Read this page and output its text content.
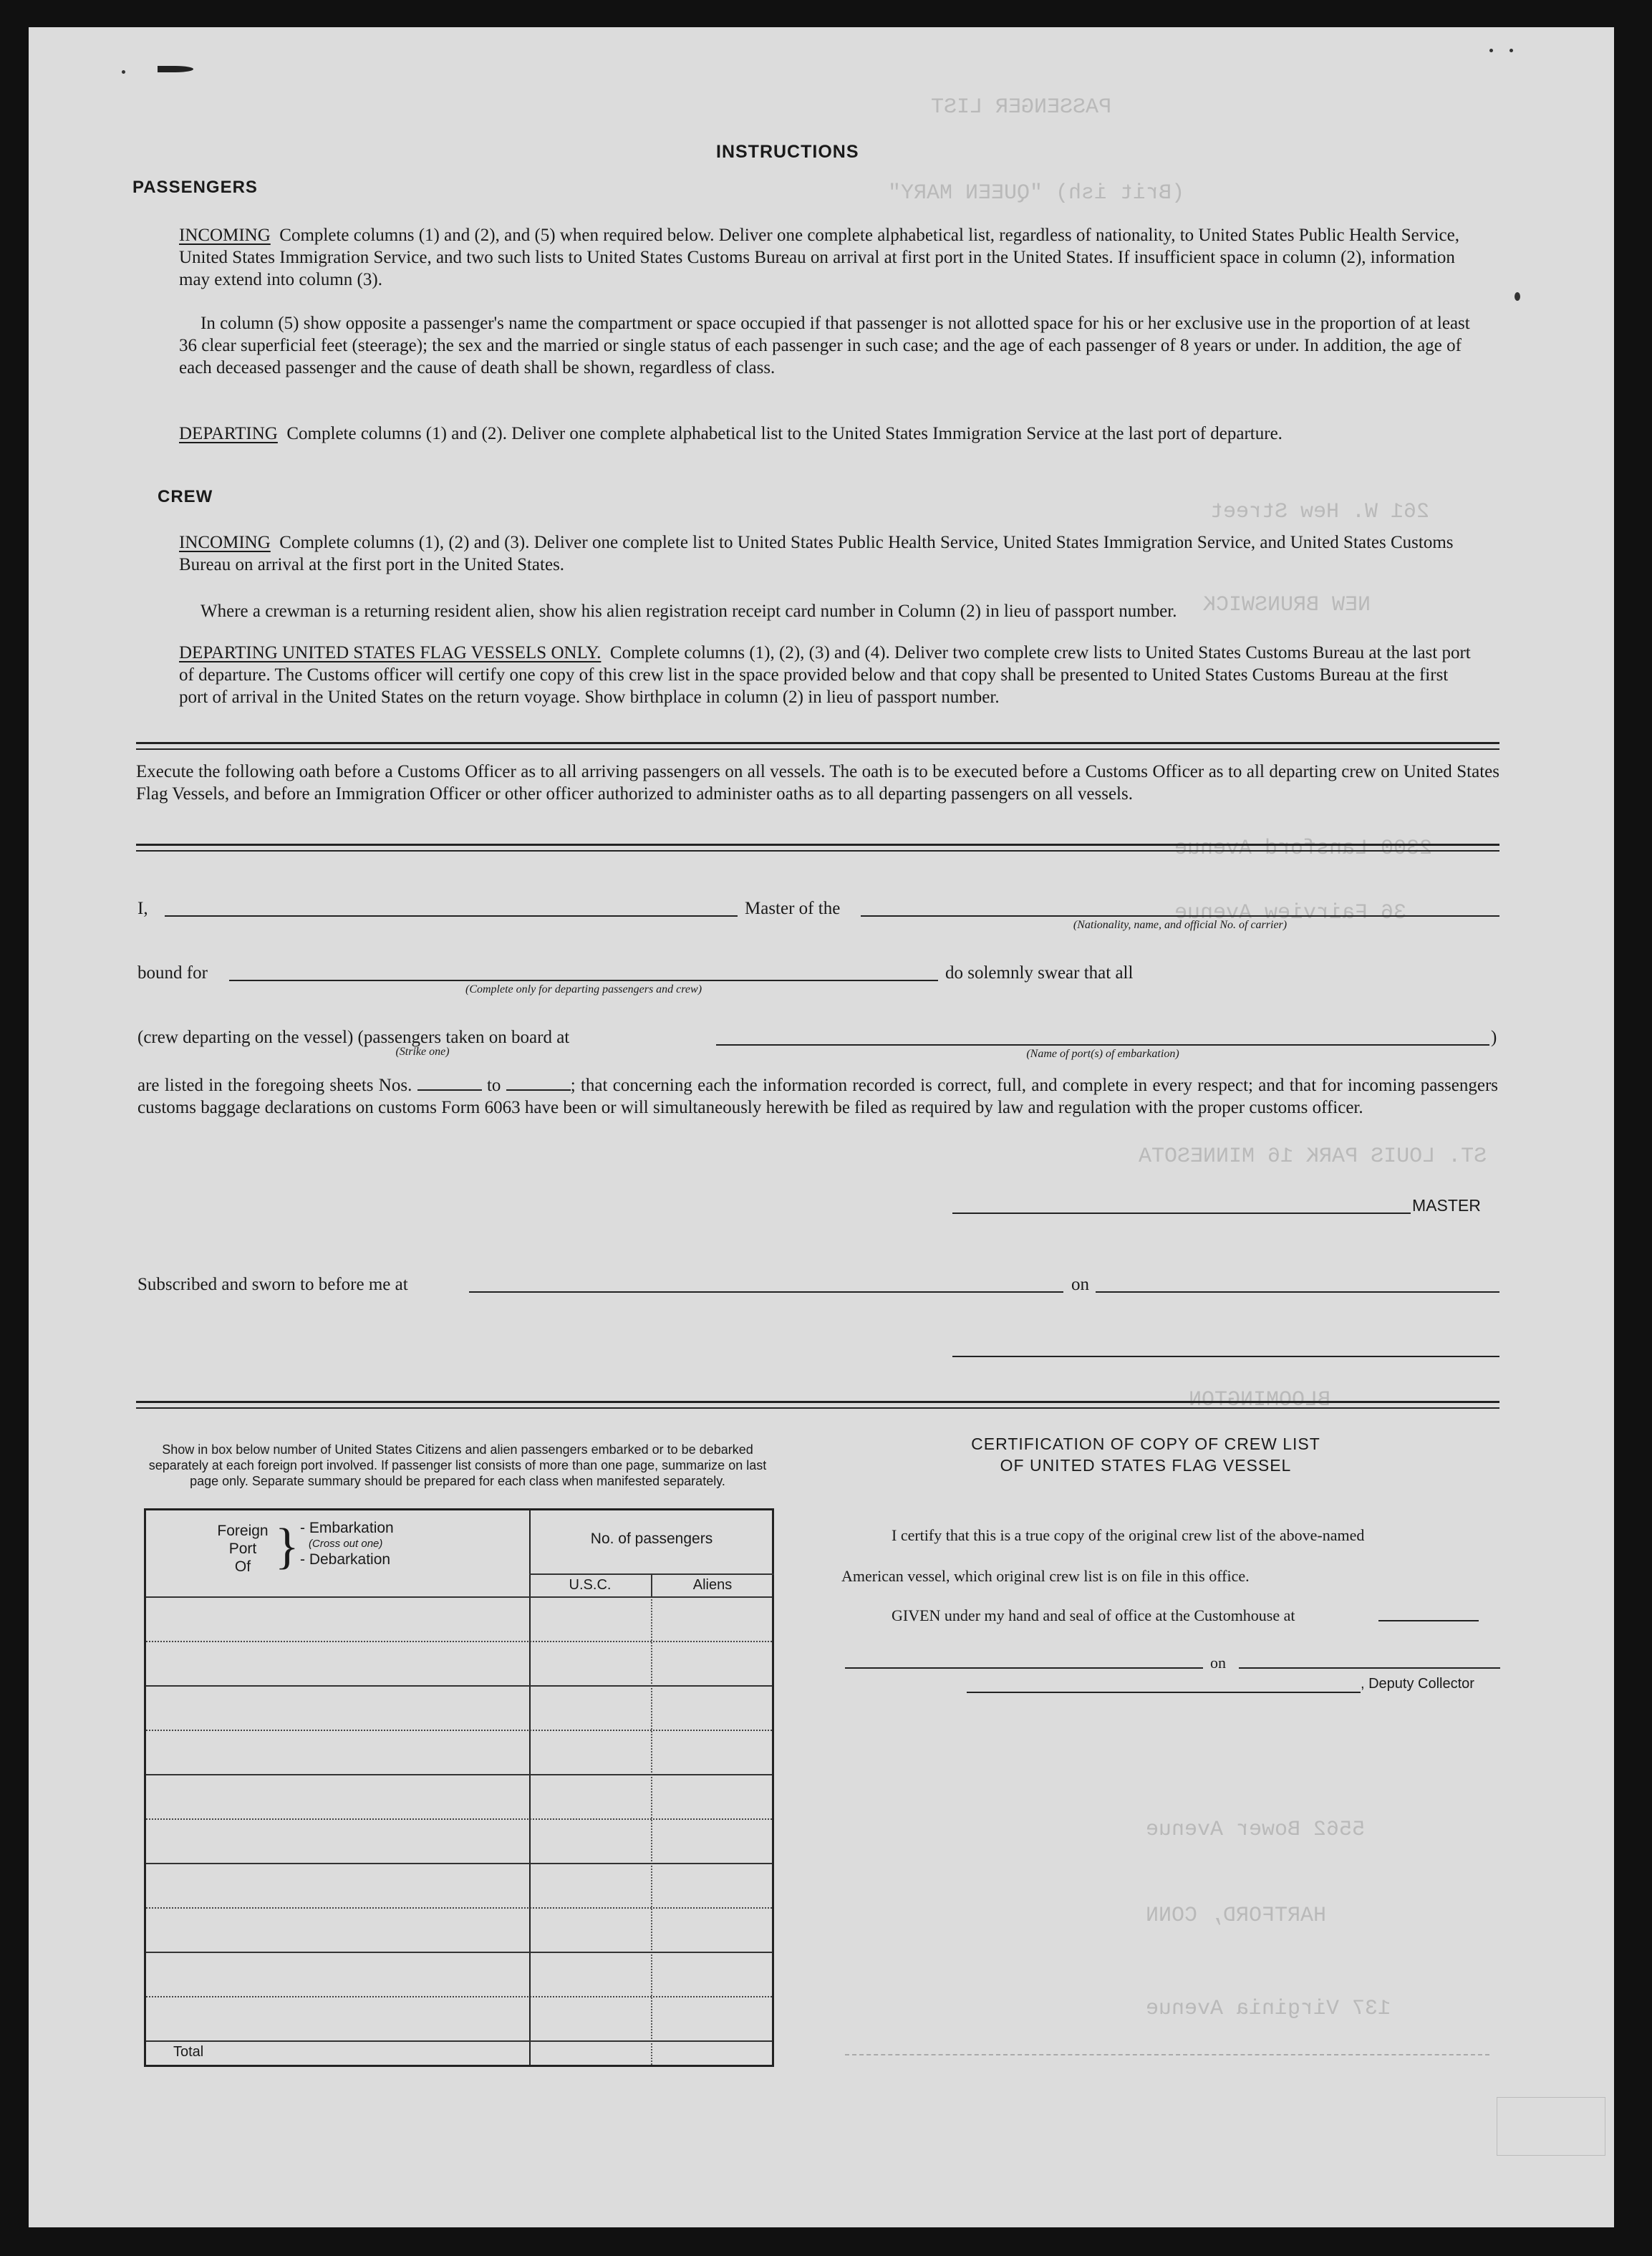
PASSENGER LIST
(Brit ish) "QUEEN MARY"
261 W. Hew Street
NEW BRUNSWICK
2300 Lansford Avenue
36 Fairview Avenue
ST. LOUIS PARK 16 MINNESOTA
BLOOMINGTON
5562 Bower Avenue
HARTFORD, CONN
137 Virginia Avenue
INSTRUCTIONS
PASSENGERS
INCOMING Complete columns (1) and (2), and (5) when required below. Deliver one complete alphabetical list, regardless of nationality, to United States Public Health Service, United States Immigration Service, and two such lists to United States Customs Bureau on arrival at first port in the United States. If insufficient space in column (2), information may extend into column (3).
In column (5) show opposite a passenger's name the compartment or space occupied if that passenger is not allotted space for his or her exclusive use in the proportion of at least 36 clear superficial feet (steerage); the sex and the married or single status of each passenger in such case; and the age of each passenger of 8 years or under. In addition, the age of each deceased passenger and the cause of death shall be shown, regardless of class.
DEPARTING Complete columns (1) and (2). Deliver one complete alphabetical list to the United States Immigration Service at the last port of departure.
CREW
INCOMING Complete columns (1), (2) and (3). Deliver one complete list to United States Public Health Service, United States Immigration Service, and United States Customs Bureau on arrival at the first port in the United States.
Where a crewman is a returning resident alien, show his alien registration receipt card number in Column (2) in lieu of passport number.
DEPARTING UNITED STATES FLAG VESSELS ONLY. Complete columns (1), (2), (3) and (4). Deliver two complete crew lists to United States Customs Bureau at the last port of departure. The Customs officer will certify one copy of this crew list in the space provided below and that copy shall be presented to United States Customs Bureau at the first port of arrival in the United States on the return voyage. Show birthplace in column (2) in lieu of passport number.
Execute the following oath before a Customs Officer as to all arriving passengers on all vessels. The oath is to be executed before a Customs Officer as to all departing crew on United States Flag Vessels, and before an Immigration Officer or other officer authorized to administer oaths as to all departing passengers on all vessels.
I,	Master of the
(Nationality, name, and official No. of carrier)
bound for
(Complete only for departing passengers and crew)
do solemnly swear that all
(crew departing on the vessel) (passengers taken on board at
(Strike one)
)
(Name of port(s) of embarkation)
are listed in the foregoing sheets Nos.	to	; that concerning each the information recorded is correct, full, and complete in every respect; and that for incoming passengers customs baggage declarations on customs Form 6063 have been or will simultaneously herewith be filed as required by law and regulation with the proper customs officer.
MASTER
Subscribed and sworn to before me at	on
Show in box below number of United States Citizens and alien passengers embarked or to be debarked separately at each foreign port involved. If passenger list consists of more than one page, summarize on last page only. Separate summary should be prepared for each class when manifested separately.
Foreign
Port
Of } - Embarkation
(Cross out one)
- Debarkation
No. of passengers
U.S.C.	Aliens
Total
CERTIFICATION OF COPY OF CREW LIST
OF UNITED STATES FLAG VESSEL
I certify that this is a true copy of the original crew list of the above-named
American vessel, which original crew list is on file in this office.
GIVEN under my hand and seal of office at the Customhouse at
on
, Deputy Collector
